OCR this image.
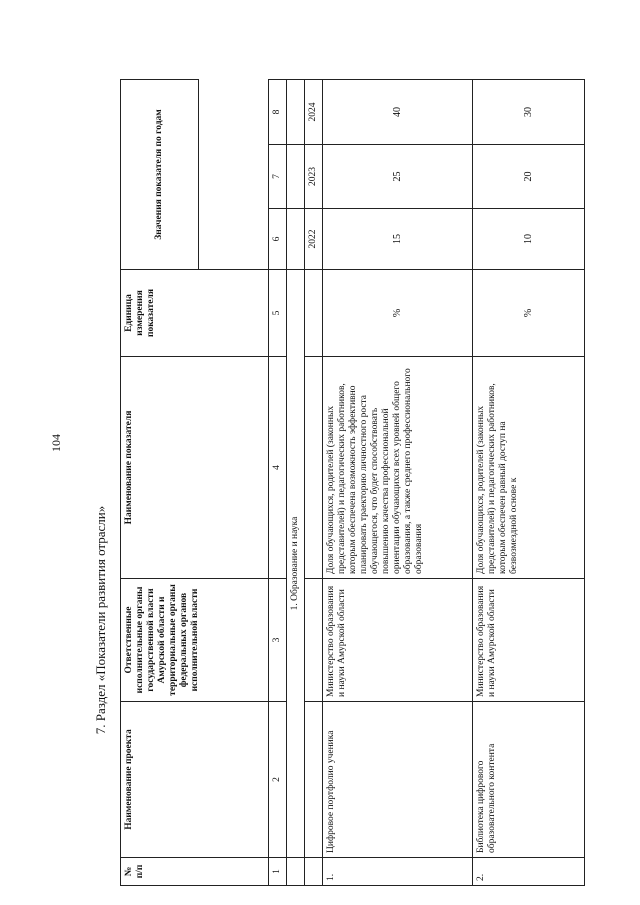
104
7. Раздел «Показатели развития отрасли»
№ п/п	Наименование проекта	Ответственные исполнительные органы государственной власти Амурской области и территориальные органы федеральных органов исполнительной власти	Наименование показателя	Единица измерения показателя	Значения показателя по годам		

1	2	3	4	5	6	7	8
	1. Образование и наука						
					2022	2023	2024
1.	Цифровое портфолио ученика	Министерство образования и науки Амурской области	Доля обучающихся, родителей (законных представителей) и педагогических работников, которым обеспечена возможность эффективно планировать траекторию личностного роста обучающегося, что будет способствовать повышению качества профессиональной ориентации обучающихся всех уровней общего образования, а также среднего профессионального образования	%	15	25	40
2.	Библиотека цифрового образовательного контента	Министерство образования и науки Амурской области	Доля обучающихся, родителей (законных представителей) и педагогических работников, которым обеспечен равный доступ на безвозмездной основе к	%	10	20	30
